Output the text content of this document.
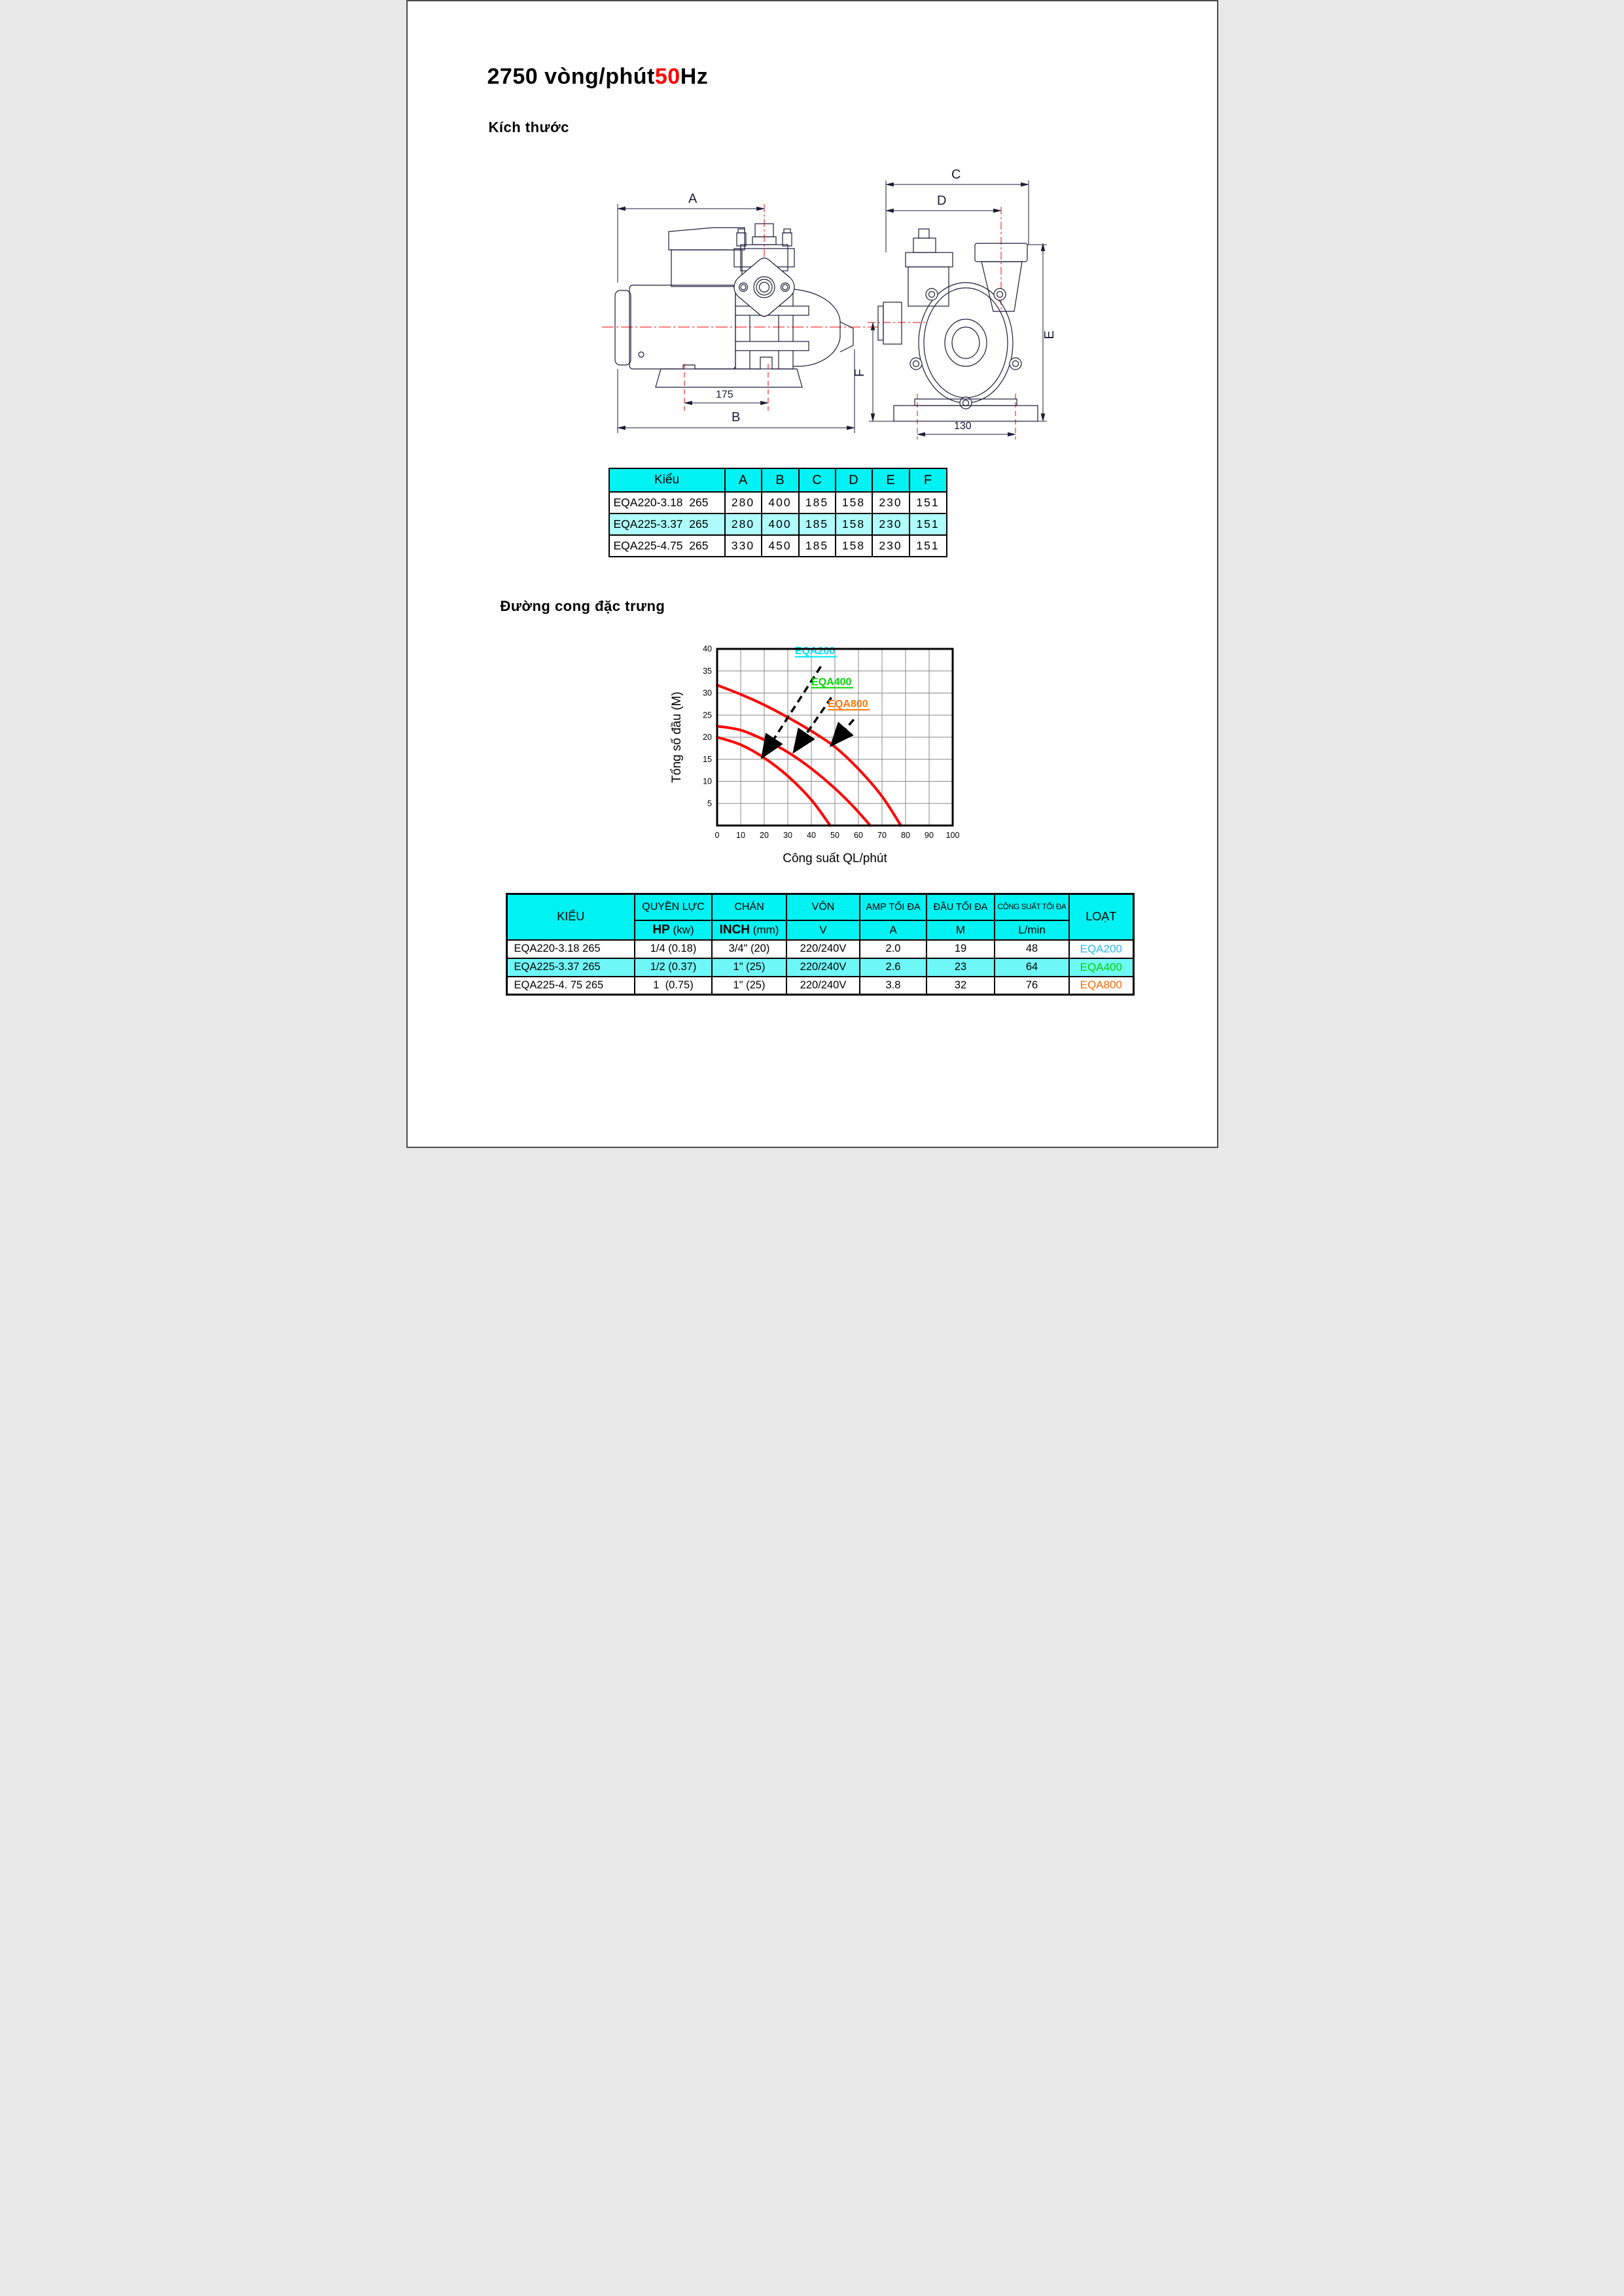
2750 vòng/phút50Hz
Kích thước
A
B
175
C
D
E
F
130
Kiểu	A	B	C	D	E	F
EQA220-3.18  265	280	400	185	158	230	151
EQA225-3.37  265	280	400	185	158	230	151
EQA225-4.75  265	330	450	185	158	230	151
Đường cong đặc trưng
EQA200
EQA400
EQA800
0 10 20 30 40 50 60 70 80 90 100
5
10
15
20
25
30
35
40
Tổng số đầu (M)
Công suất QL/phút
KIỂU	QUYỀN LỰC	CHÁN	VÔN	AMP TỐI ĐA	ĐẦU TỐI ĐA	CÔNG SUẤT TỐI ĐA	LOẠT
	HP (kw)	INCH (mm)	V	A	M	L/min	
EQA220-3.18 265	1/4 (0.18)	3/4" (20)	220/240V	2.0	19	48	EQA200
EQA225-3.37 265	1/2 (0.37)	1" (25)	220/240V	2.6	23	64	EQA400
EQA225-4. 75 265	1  (0.75)	1" (25)	220/240V	3.8	32	76	EQA800
